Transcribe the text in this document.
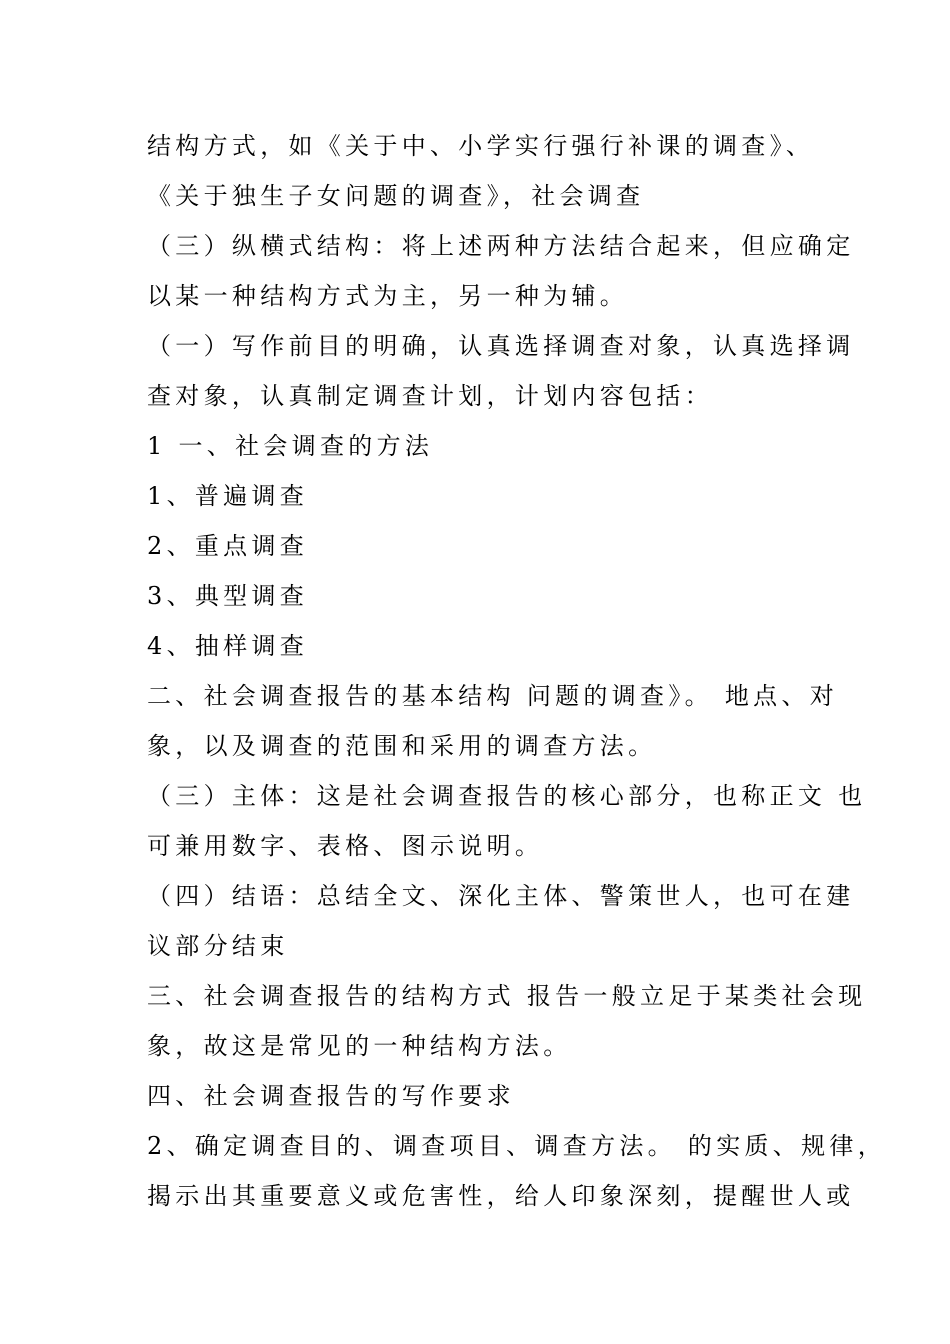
结构方式，如《关于中、小学实行强行补课的调查》、
《关于独生子女问题的调查》，社会调查
（三）纵横式结构：将上述两种方法结合起来，但应确定
以某一种结构方式为主，另一种为辅。
（一）写作前目的明确，认真选择调查对象，认真选择调
查对象，认真制定调查计划，计划内容包括：
1 一、社会调查的方法
1、普遍调查
2、重点调查
3、典型调查
4、抽样调查
二、社会调查报告的基本结构 问题的调查》。 地点、对
象，以及调查的范围和采用的调查方法。
（三）主体：这是社会调查报告的核心部分，也称正文 也
可兼用数字、表格、图示说明。
（四）结语：总结全文、深化主体、警策世人，也可在建
议部分结束
三、社会调查报告的结构方式 报告一般立足于某类社会现
象，故这是常见的一种结构方法。
四、社会调查报告的写作要求
2、确定调查目的、调查项目、调查方法。 的实质、规律，
揭示出其重要意义或危害性，给人印象深刻，提醒世人或
